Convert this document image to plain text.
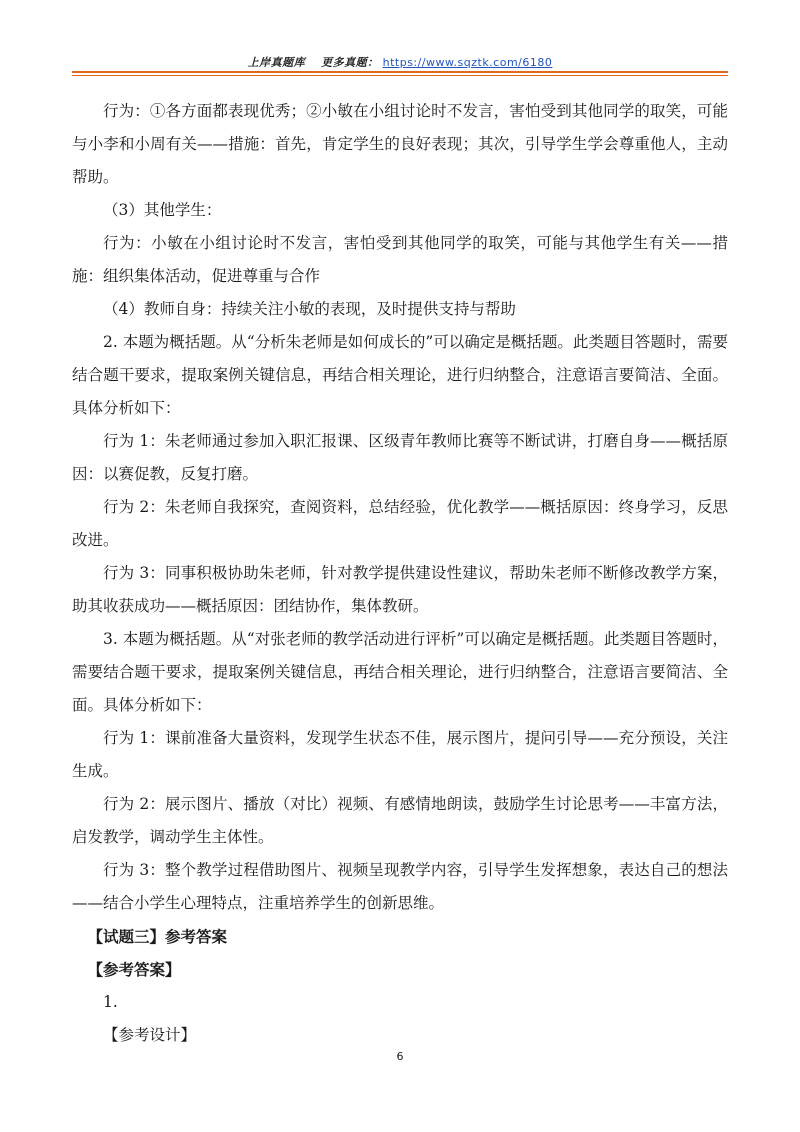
上岸真题库 更多真题： https://www.sqztk.com/6180

行为：①各方面都表现优秀；②小敏在小组讨论时不发言，害怕受到其他同学的取笑，可能与小李和小周有关——措施：首先，肯定学生的良好表现；其次，引导学生学会尊重他人，主动帮助。

（3）其他学生：

行为：小敏在小组讨论时不发言，害怕受到其他同学的取笑，可能与其他学生有关——措施：组织集体活动，促进尊重与合作

（4）教师自身：持续关注小敏的表现，及时提供支持与帮助

2. 本题为概括题。从“分析朱老师是如何成长的”可以确定是概括题。此类题目答题时，需要结合题干要求，提取案例关键信息，再结合相关理论，进行归纳整合，注意语言要简洁、全面。具体分析如下：

行为 1：朱老师通过参加入职汇报课、区级青年教师比赛等不断试讲，打磨自身——概括原因：以赛促教，反复打磨。

行为 2：朱老师自我探究，查阅资料，总结经验，优化教学——概括原因：终身学习，反思改进。

行为 3：同事积极协助朱老师，针对教学提供建设性建议，帮助朱老师不断修改教学方案，助其收获成功——概括原因：团结协作，集体教研。

3. 本题为概括题。从“对张老师的教学活动进行评析”可以确定是概括题。此类题目答题时，需要结合题干要求，提取案例关键信息，再结合相关理论，进行归纳整合，注意语言要简洁、全面。具体分析如下：

行为 1：课前准备大量资料，发现学生状态不佳，展示图片，提问引导——充分预设，关注生成。

行为 2：展示图片、播放（对比）视频、有感情地朗读，鼓励学生讨论思考——丰富方法，启发教学，调动学生主体性。

行为 3：整个教学过程借助图片、视频呈现教学内容，引导学生发挥想象，表达自己的想法——结合小学生心理特点，注重培养学生的创新思维。

【试题三】参考答案

【参考答案】

1.

【参考设计】

6
